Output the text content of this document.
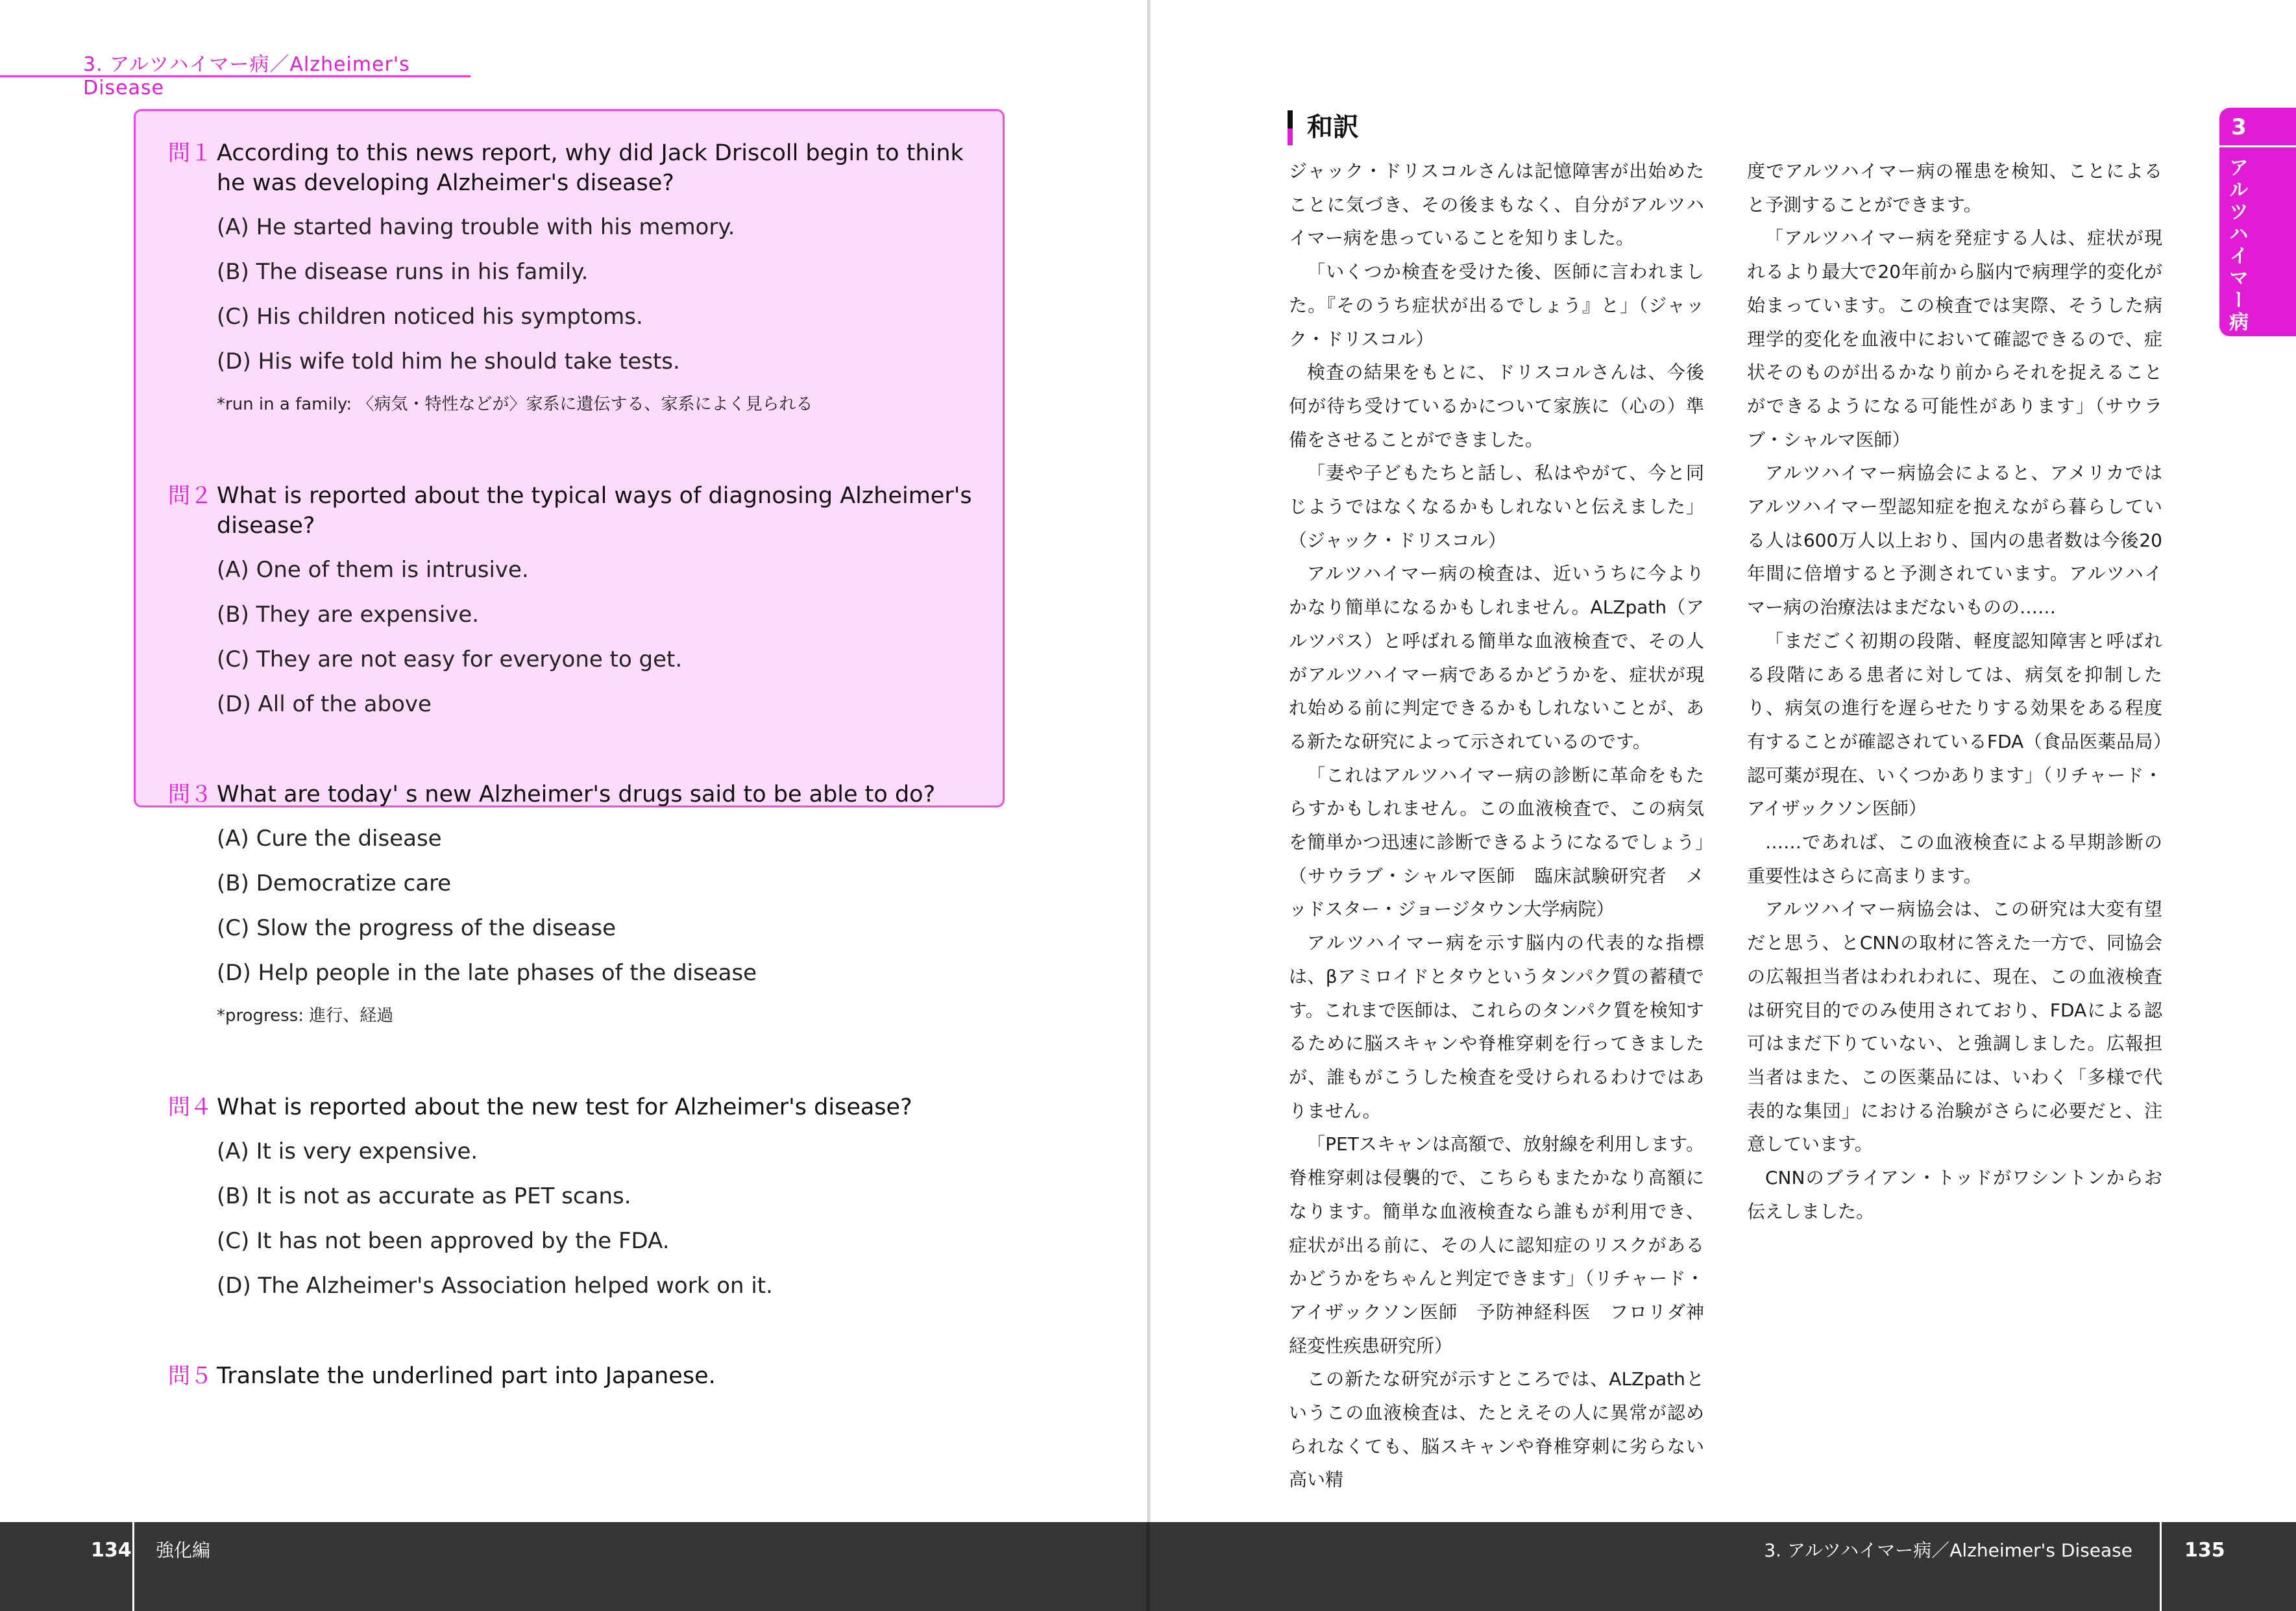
3. アルツハイマー病／Alzheimer's Disease
問１ According to this news report, why did Jack Driscoll begin to think he was developing Alzheimer's disease?
(A) He started having trouble with his memory.
(B) The disease runs in his family.
(C) His children noticed his symptoms.
(D) His wife told him he should take tests.
*run in a family: 〈病気・特性などが〉家系に遺伝する、家系によく見られる
問２ What is reported about the typical ways of diagnosing Alzheimer's disease?
(A) One of them is intrusive.
(B) They are expensive.
(C) They are not easy for everyone to get.
(D) All of the above
問３ What are today' s new Alzheimer's drugs said to be able to do?
(A) Cure the disease
(B) Democratize care
(C) Slow the progress of the disease
(D) Help people in the late phases of the disease
*progress: 進行、経過
問４ What is reported about the new test for Alzheimer's disease?
(A) It is very expensive.
(B) It is not as accurate as PET scans.
(C) It has not been approved by the FDA.
(D) The Alzheimer's Association helped work on it.
問５ Translate the underlined part into Japanese.
和訳

ジャック・ドリスコルさんは記憶障害が出始めたことに気づき、その後まもなく、自分がアルツハイマー病を患っていることを知りました。

「いくつか検査を受けた後、医師に言われました。『そのうち症状が出るでしょう』と」（ジャック・ドリスコル）

検査の結果をもとに、ドリスコルさんは、今後何が待ち受けているかについて家族に（心の）準備をさせることができました。

「妻や子どもたちと話し、私はやがて、今と同じようではなくなるかもしれないと伝えました」（ジャック・ドリスコル）

アルツハイマー病の検査は、近いうちに今よりかなり簡単になるかもしれません。ALZpath（アルツパス）と呼ばれる簡単な血液検査で、その人がアルツハイマー病であるかどうかを、症状が現れ始める前に判定できるかもしれないことが、ある新たな研究によって示されているのです。

「これはアルツハイマー病の診断に革命をもたらすかもしれません。この血液検査で、この病気を簡単かつ迅速に診断できるようになるでしょう」（サウラブ・シャルマ医師　臨床試験研究者　メッドスター・ジョージタウン大学病院）

アルツハイマー病を示す脳内の代表的な指標は、βアミロイドとタウというタンパク質の蓄積です。これまで医師は、これらのタンパク質を検知するために脳スキャンや脊椎穿刺を行ってきましたが、誰もがこうした検査を受けられるわけではありません。

「PETスキャンは高額で、放射線を利用します。脊椎穿刺は侵襲的で、こちらもまたかなり高額になります。簡単な血液検査なら誰もが利用でき、症状が出る前に、その人に認知症のリスクがあるかどうかをちゃんと判定できます」（リチャード・アイザックソン医師　予防神経科医　フロリダ神経変性疾患研究所）

この新たな研究が示すところでは、ALZpathというこの血液検査は、たとえその人に異常が認められなくても、脳スキャンや脊椎穿刺に劣らない高い精

度でアルツハイマー病の罹患を検知、ことによると予測することができます。

「アルツハイマー病を発症する人は、症状が現れるより最大で20年前から脳内で病理学的変化が始まっています。この検査では実際、そうした病理学的変化を血液中において確認できるので、症状そのものが出るかなり前からそれを捉えることができるようになる可能性があります」（サウラブ・シャルマ医師）

アルツハイマー病協会によると、アメリカではアルツハイマー型認知症を抱えながら暮らしている人は600万人以上おり、国内の患者数は今後20年間に倍増すると予測されています。アルツハイマー病の治療法はまだないものの……

「まだごく初期の段階、軽度認知障害と呼ばれる段階にある患者に対しては、病気を抑制したり、病気の進行を遅らせたりする効果をある程度有することが確認されているFDA（食品医薬品局）認可薬が現在、いくつかあります」（リチャード・アイザックソン医師）

……であれば、この血液検査による早期診断の重要性はさらに高まります。

アルツハイマー病協会は、この研究は大変有望だと思う、とCNNの取材に答えた一方で、同協会の広報担当者はわれわれに、現在、この血液検査は研究目的でのみ使用されており、FDAによる認可はまだ下りていない、と強調しました。広報担当者はまた、この医薬品には、いわく「多様で代表的な集団」における治験がさらに必要だと、注意しています。

CNNのブライアン・トッドがワシントンからお伝えしました。

3
アルツハイマー病
134 強化編	3. アルツハイマー病／Alzheimer's Disease	135
